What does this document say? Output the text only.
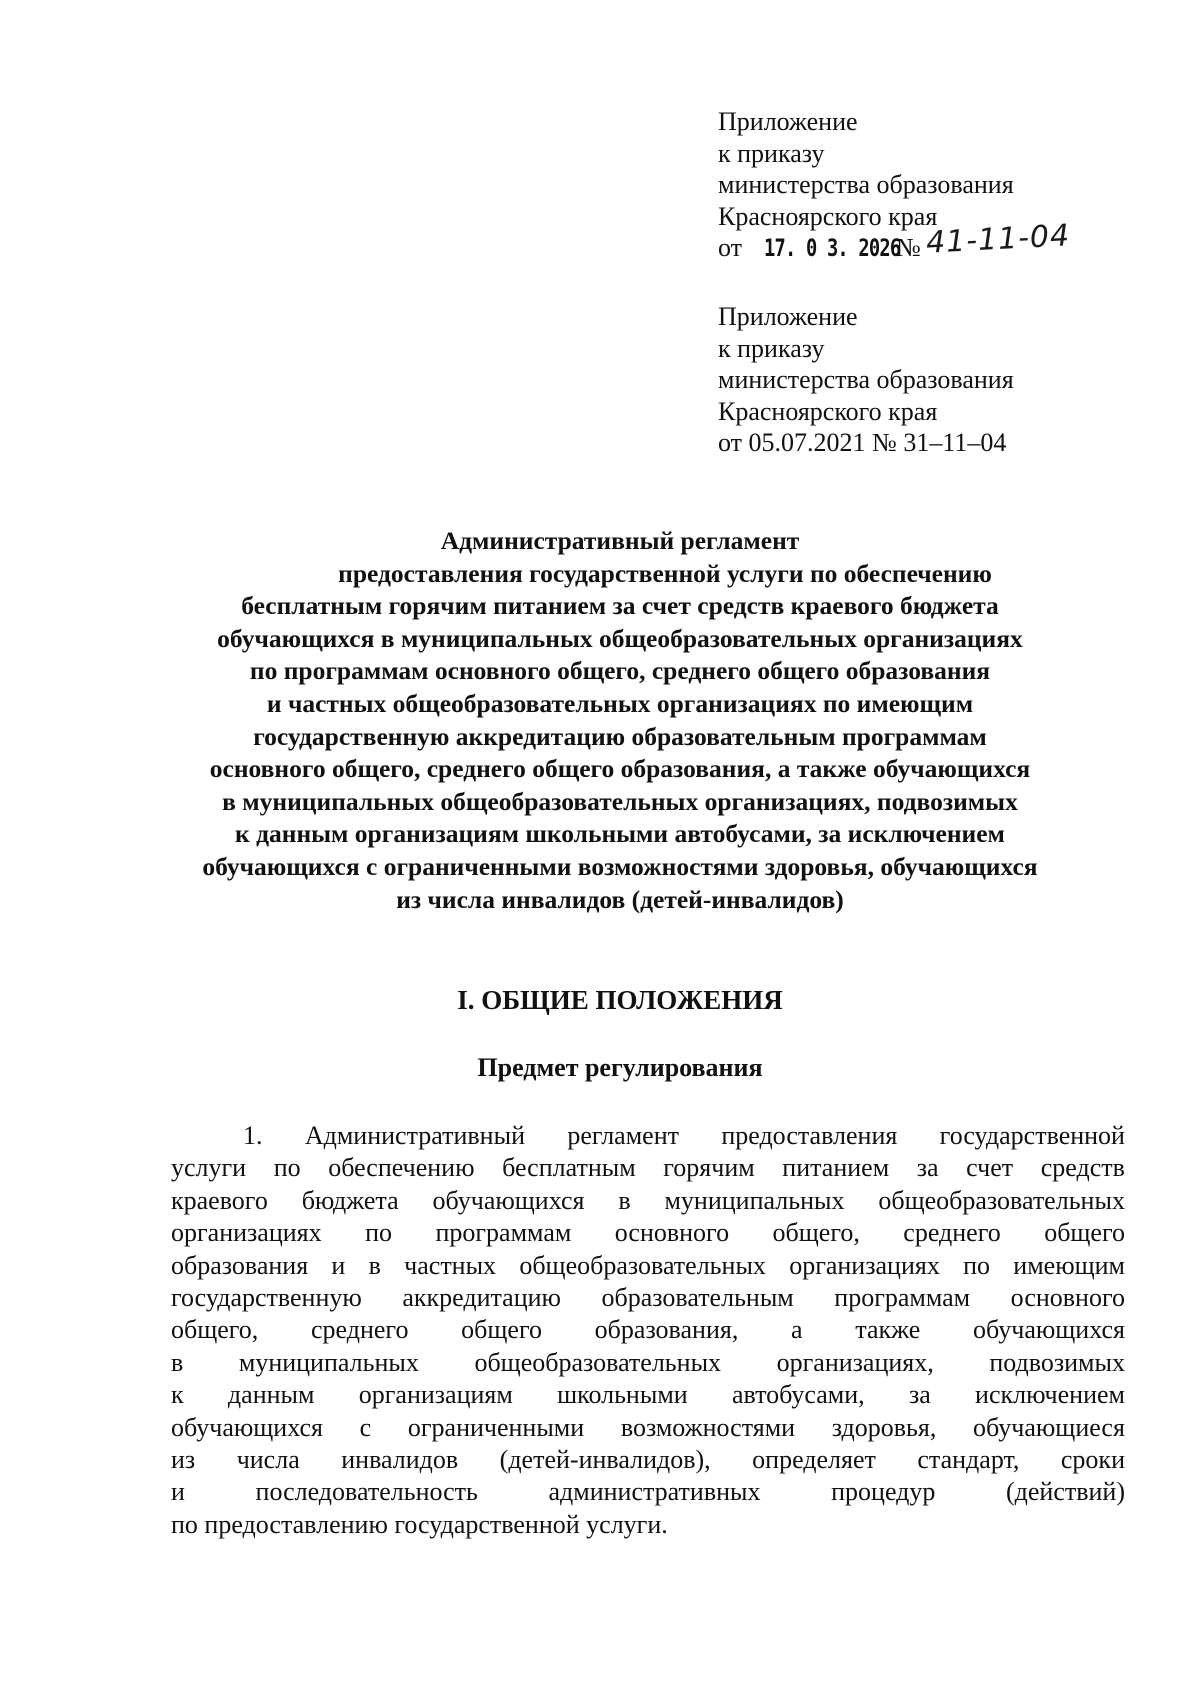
Приложение
к приказу
министерства образования
Красноярского края
от 17. 0 3. 2026
№ 41-11-04
Приложение
к приказу
министерства образования
Красноярского края
от 05.07.2021 № 31–11–04
Административный регламент
предоставления государственной услуги по обеспечению
бесплатным горячим питанием за счет средств краевого бюджета
обучающихся в муниципальных общеобразовательных организациях
по программам основного общего, среднего общего образования
и частных общеобразовательных организациях по имеющим
государственную аккредитацию образовательным программам
основного общего, среднего общего образования, а также обучающихся
в муниципальных общеобразовательных организациях, подвозимых
к данным организациям школьными автобусами, за исключением
обучающихся с ограниченными возможностями здоровья, обучающихся
из числа инвалидов (детей-инвалидов)
I. ОБЩИЕ ПОЛОЖЕНИЯ
Предмет регулирования
1. Административный регламент предоставления государственной
услуги по обеспечению бесплатным горячим питанием за счет средств
краевого бюджета обучающихся в муниципальных общеобразовательных
организациях по программам основного общего, среднего общего
образования и в частных общеобразовательных организациях по имеющим
государственную аккредитацию образовательным программам основного
общего, среднего общего образования, а также обучающихся
в муниципальных общеобразовательных организациях, подвозимых
к данным организациям школьными автобусами, за исключением
обучающихся с ограниченными возможностями здоровья, обучающиеся
из числа инвалидов (детей-инвалидов), определяет стандарт, сроки
и	последовательность	административных	процедур	(действий)
по предоставлению государственной услуги.
